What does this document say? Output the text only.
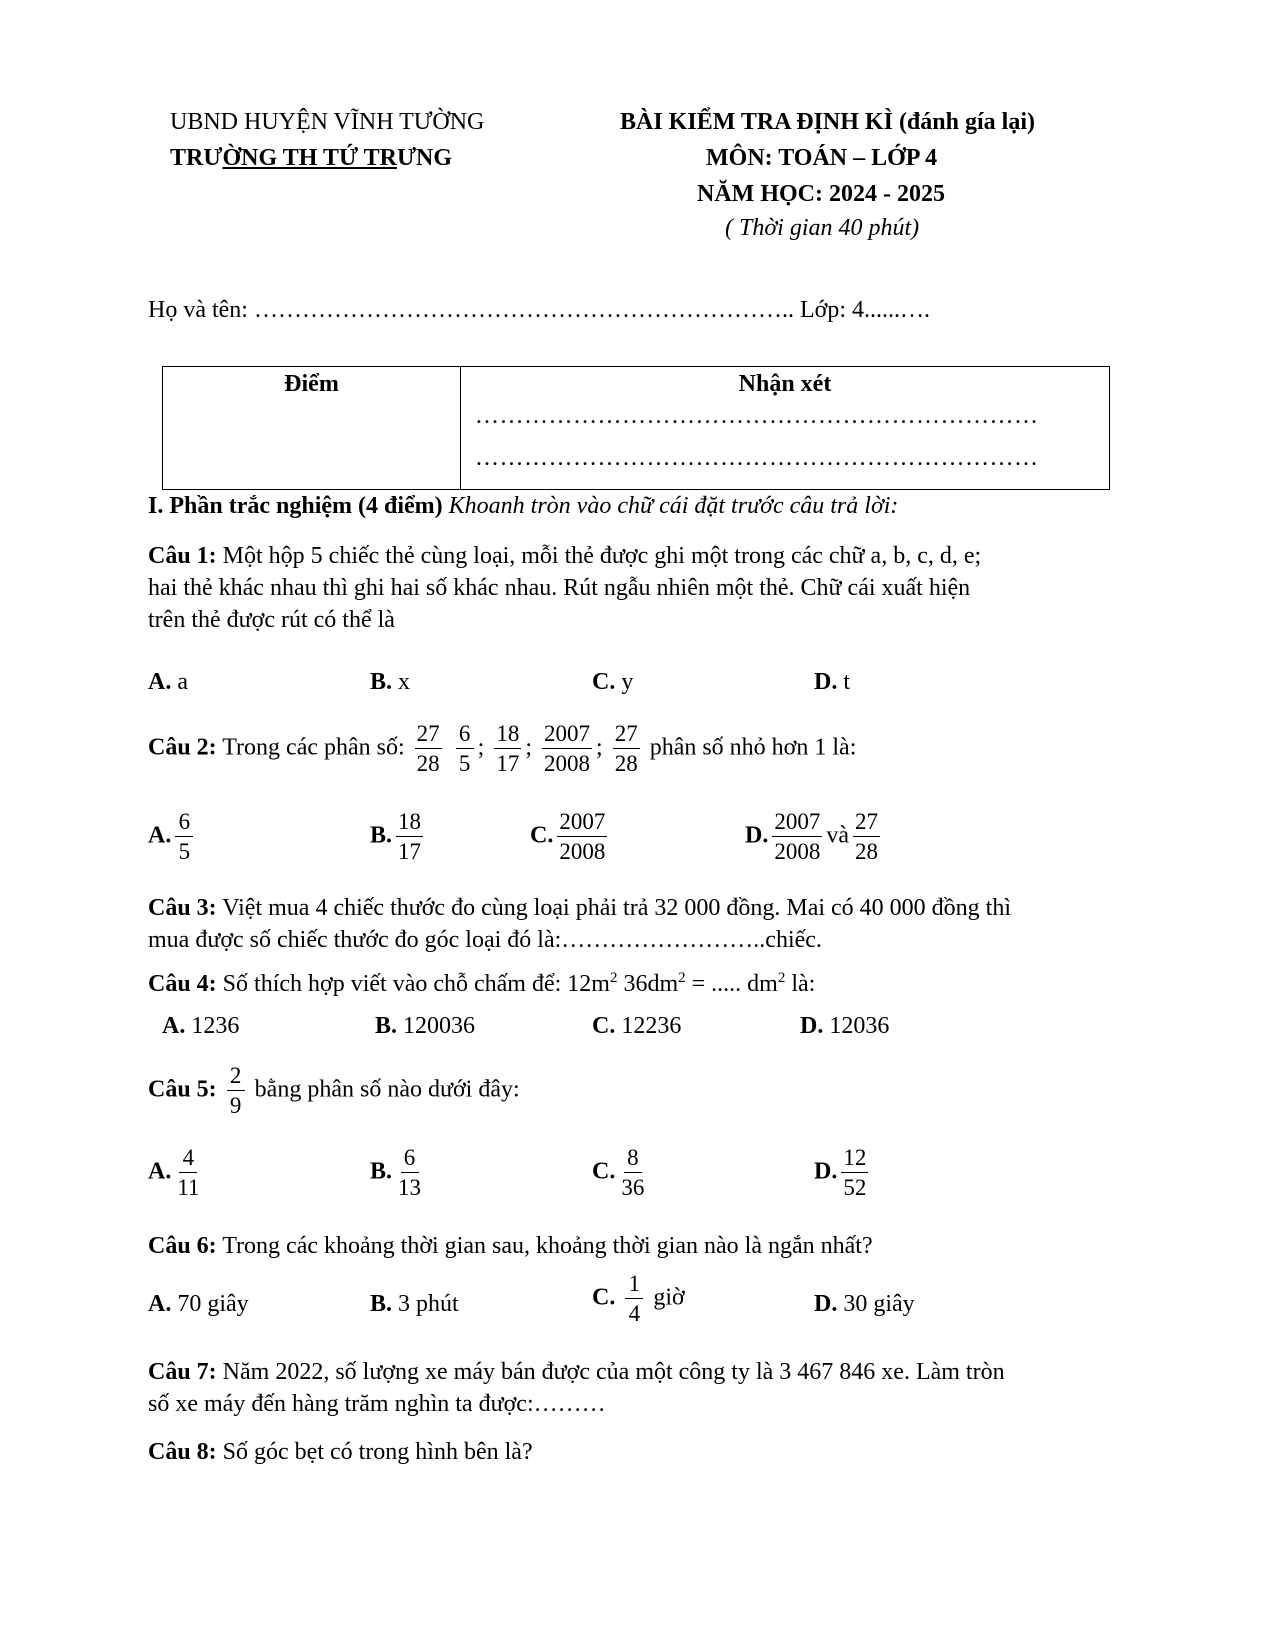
UBND HUYỆN VĨNH TƯỜNG
TRƯỜNG TH TỨ TRƯNG
BÀI KIỂM TRA ĐỊNH KÌ (đánh gía lại)
MÔN: TOÁN – LỚP 4
NĂM HỌC: 2024 - 2025
( Thời gian 40 phút)
Họ và tên: ………………………………………………………….. Lớp: 4......….
Điểm	Nhận xét
……………………………………………………………
……………………………………………………………
I. Phần trắc nghiệm (4 điểm) Khoanh tròn vào chữ cái đặt trước câu trả lời:
Câu 1: Một hộp 5 chiếc thẻ cùng loại, mỗi thẻ được ghi một trong các chữ a, b, c, d, e;
hai thẻ khác nhau thì ghi hai số khác nhau. Rút ngẫu nhiên một thẻ. Chữ cái xuất hiện
trên thẻ được rút có thể là
A. a	B. x	C. y	D. t
Câu 2: Trong các phân số: $\frac{27}{28}$
$\frac{6}{5}$ ; $\frac{18}{17}$ ; $\frac{2007}{2008}$ ; $\frac{27}{28}$ phân số nhỏ hơn 1 là:
A. $\frac{6}{5}$	B. $\frac{18}{17}$	C. $\frac{2007}{2008}$	D. $\frac{2007}{2008}$ và $\frac{27}{28}$
Câu 3: Việt mua 4 chiếc thước đo cùng loại phải trả 32 000 đồng. Mai có 40 000 đồng thì
mua được số chiếc thước đo góc loại đó là:……………………..chiếc.
Câu 4: Số thích hợp viết vào chỗ chấm để: $12m^2$ $36dm^2$ = ..... $dm^2$ là:
A. 1236	B. 120036	C. 12236	D. 12036
Câu 5: $\frac{2}{9}$ bằng phân số nào dưới đây:
A. $\frac{4}{11}$	B. $\frac{6}{13}$	C. $\frac{8}{36}$	D. $\frac{12}{52}$
Câu 6: Trong các khoảng thời gian sau, khoảng thời gian nào là ngắn nhất?
A. 70 giây	B. 3 phút	C. $\frac{1}{4}$ giờ	D. 30 giây
Câu 7: Năm 2022, số lượng xe máy bán được của một công ty là 3 467 846 xe. Làm tròn
số xe máy đến hàng trăm nghìn ta được:………
Câu 8: Số góc bẹt có trong hình bên là?
